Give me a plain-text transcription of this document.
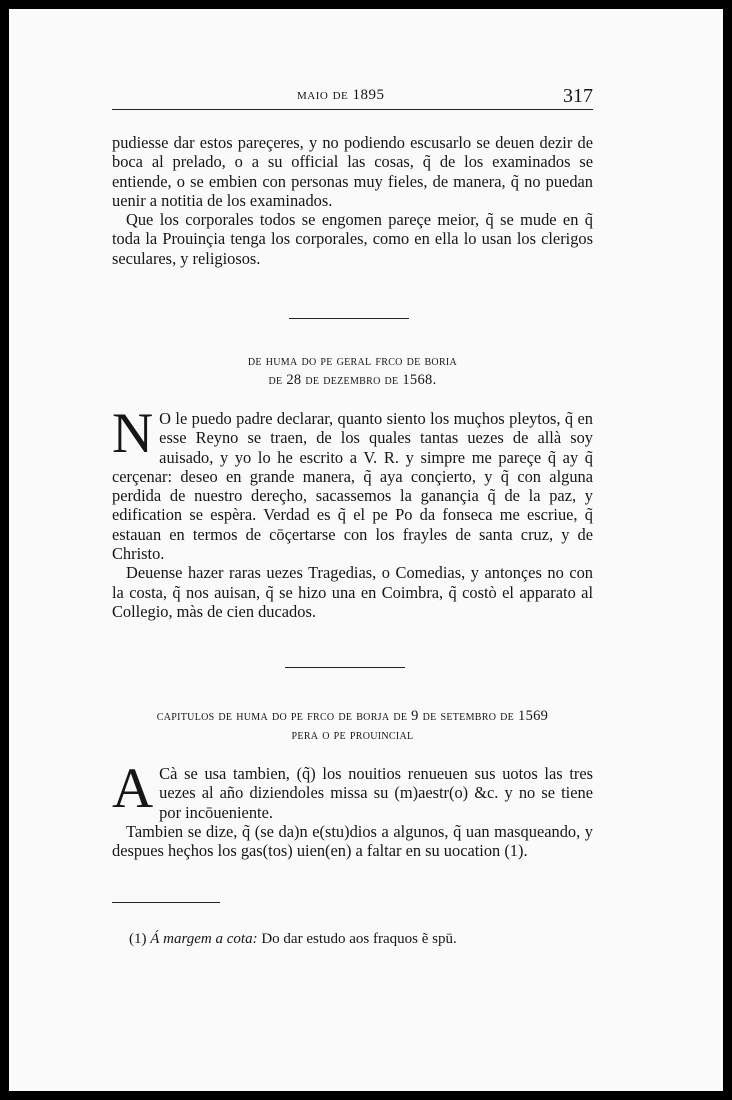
maio de 1895	317

pudiesse dar estos pareçeres, y no podiendo escusarlo se deuen dezir de boca al prelado, o a su official las cosas, q̃ de los examinados se entiende, o se embien con personas muy fieles, de manera, q̃ no puedan uenir a notitia de los examinados.

Que los corporales todos se engomen pareçe meior, q̃ se mude en q̃ toda la Prouinçia tenga los corporales, como en ella lo usan los clerigos seculares, y religiosos.

de huma do pe geral frco de boria

de 28 de dezembro de 1568.

N O le puedo padre declarar, quanto siento los muçhos pleytos, q̃ en esse Reyno se traen, de los quales tantas uezes de allà soy auisado, y yo lo he escrito a V. R. y simpre me pareçe q̃ ay q̃ cerçenar: deseo en grande manera, q̃ aya conçierto, y q̃ con alguna perdida de nuestro dereçho, sacassemos la ganançia q̃ de la paz, y edification se espèra. Verdad es q̃ el pe Po da fonseca me escriue, q̃ estauan en termos de cōçertarse con los frayles de santa cruz, y de Christo.

Deuense hazer raras uezes Tragedias, o Comedias, y antonçes no con la costa, q̃ nos auisan, q̃ se hizo una en Coimbra, q̃ costò el apparato al Collegio, màs de cien ducados.

capitulos de huma do pe frco de borja de 9 de setembro de 1569

pera o pe prouincial

A Cà se usa tambien, (q̃) los nouitios renueuen sus uotos las tres uezes al año diziendoles missa su (m)aestr(o) &c. y no se tiene por incōueniente.

Tambien se dize, q̃ (se da)n e(stu)dios a algunos, q̃ uan masqueando, y despues heçhos los gas(tos) uien(en) a faltar en su uocation (1).

(1) Á margem a cota: Do dar estudo aos fraquos ẽ spū.
